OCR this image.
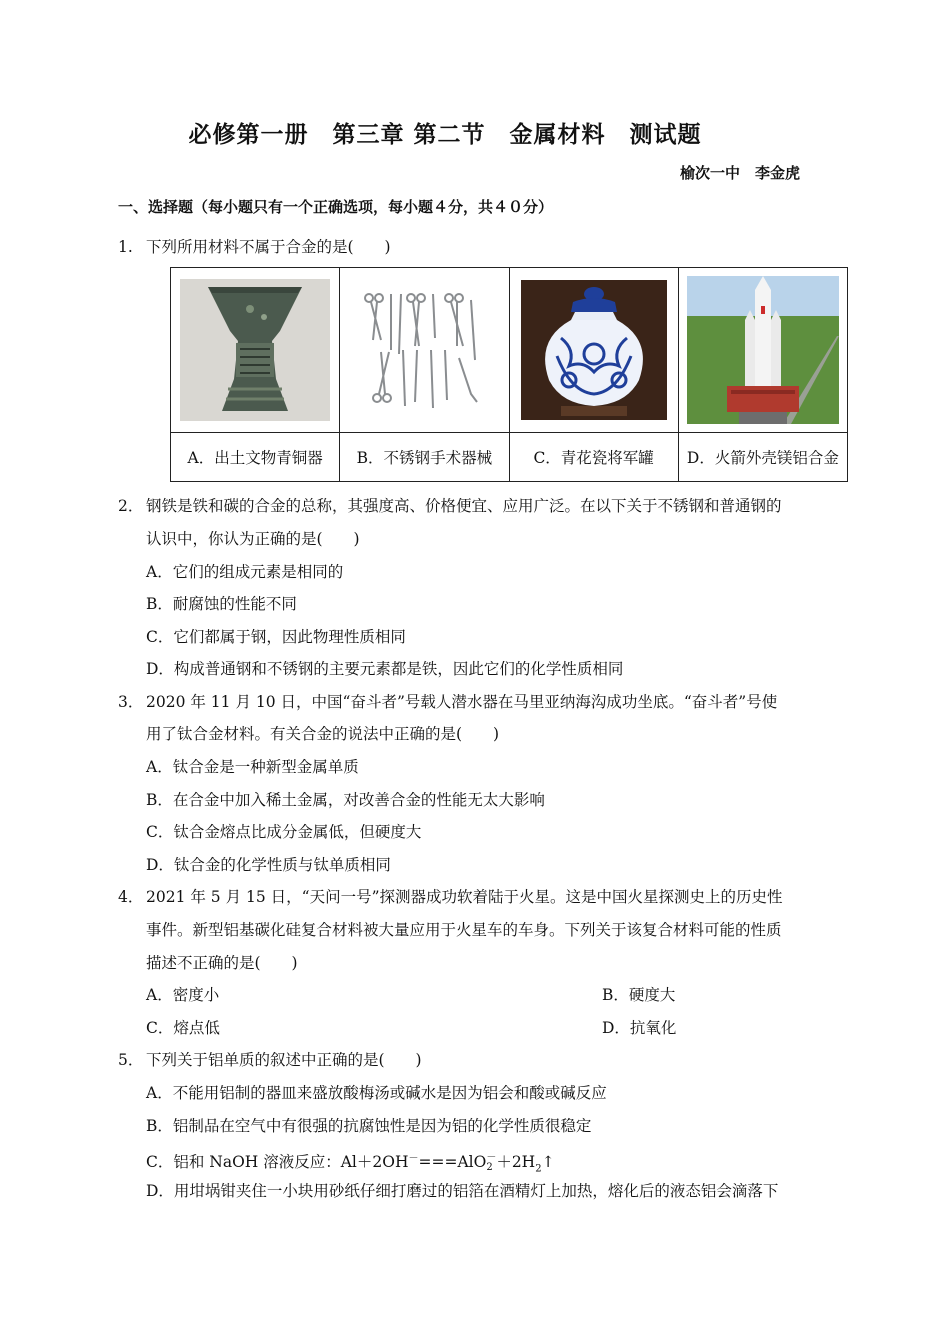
必修第一册　第三章 第二节　金属材料　测试题
榆次一中　李金虎
一、选择题（每小题只有一个正确选项，每小题４分，共４０分）
1. 下列所用材料不属于合金的是(　　)

A．出土文物青铜器	B．不锈钢手术器械	C．青花瓷将军罐	D．火箭外壳镁铝合金
2． 钢铁是铁和碳的合金的总称，其强度高、价格便宜、应用广泛。在以下关于不锈钢和普通钢的
认识中，你认为正确的是(　　)
A．它们的组成元素是相同的
B．耐腐蚀的性能不同
C．它们都属于钢，因此物理性质相同
D．构成普通钢和不锈钢的主要元素都是铁，因此它们的化学性质相同
3． 2020 年 11 月 10 日，中国“奋斗者”号载人潜水器在马里亚纳海沟成功坐底。“奋斗者”号使
用了钛合金材料。有关合金的说法中正确的是(　　)
A．钛合金是一种新型金属单质
B．在合金中加入稀土金属，对改善合金的性能无太大影响
C．钛合金熔点比成分金属低，但硬度大
D．钛合金的化学性质与钛单质相同
4． 2021 年 5 月 15 日，“天问一号”探测器成功软着陆于火星。这是中国火星探测史上的历史性
事件。新型铝基碳化硅复合材料被大量应用于火星车的车身。下列关于该复合材料可能的性质
描述不正确的是(　　)
A．密度小	B．硬度大
C．熔点低	D．抗氧化
5． 下列关于铝单质的叙述中正确的是(　　)
A．不能用铝制的器皿来盛放酸梅汤或碱水是因为铝会和酸或碱反应
B．铝制品在空气中有很强的抗腐蚀性是因为铝的化学性质很稳定
C．铝和 NaOH 溶液反应：Al＋2OH－===AlO －
$2 +2H_2↑$
D．用坩埚钳夹住一小块用砂纸仔细打磨过的铝箔在酒精灯上加热，熔化后的液态铝会滴落下
